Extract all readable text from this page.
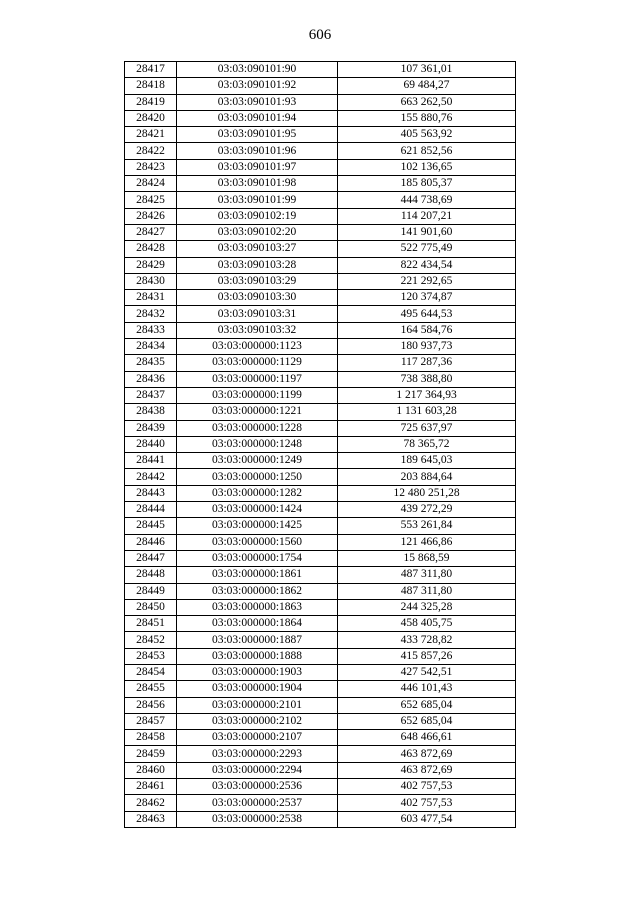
606
28417	03:03:090101:90	107 361,01
28418	03:03:090101:92	69 484,27
28419	03:03:090101:93	663 262,50
28420	03:03:090101:94	155 880,76
28421	03:03:090101:95	405 563,92
28422	03:03:090101:96	621 852,56
28423	03:03:090101:97	102 136,65
28424	03:03:090101:98	185 805,37
28425	03:03:090101:99	444 738,69
28426	03:03:090102:19	114 207,21
28427	03:03:090102:20	141 901,60
28428	03:03:090103:27	522 775,49
28429	03:03:090103:28	822 434,54
28430	03:03:090103:29	221 292,65
28431	03:03:090103:30	120 374,87
28432	03:03:090103:31	495 644,53
28433	03:03:090103:32	164 584,76
28434	03:03:000000:1123	180 937,73
28435	03:03:000000:1129	117 287,36
28436	03:03:000000:1197	738 388,80
28437	03:03:000000:1199	1 217 364,93
28438	03:03:000000:1221	1 131 603,28
28439	03:03:000000:1228	725 637,97
28440	03:03:000000:1248	78 365,72
28441	03:03:000000:1249	189 645,03
28442	03:03:000000:1250	203 884,64
28443	03:03:000000:1282	12 480 251,28
28444	03:03:000000:1424	439 272,29
28445	03:03:000000:1425	553 261,84
28446	03:03:000000:1560	121 466,86
28447	03:03:000000:1754	15 868,59
28448	03:03:000000:1861	487 311,80
28449	03:03:000000:1862	487 311,80
28450	03:03:000000:1863	244 325,28
28451	03:03:000000:1864	458 405,75
28452	03:03:000000:1887	433 728,82
28453	03:03:000000:1888	415 857,26
28454	03:03:000000:1903	427 542,51
28455	03:03:000000:1904	446 101,43
28456	03:03:000000:2101	652 685,04
28457	03:03:000000:2102	652 685,04
28458	03:03:000000:2107	648 466,61
28459	03:03:000000:2293	463 872,69
28460	03:03:000000:2294	463 872,69
28461	03:03:000000:2536	402 757,53
28462	03:03:000000:2537	402 757,53
28463	03:03:000000:2538	603 477,54
